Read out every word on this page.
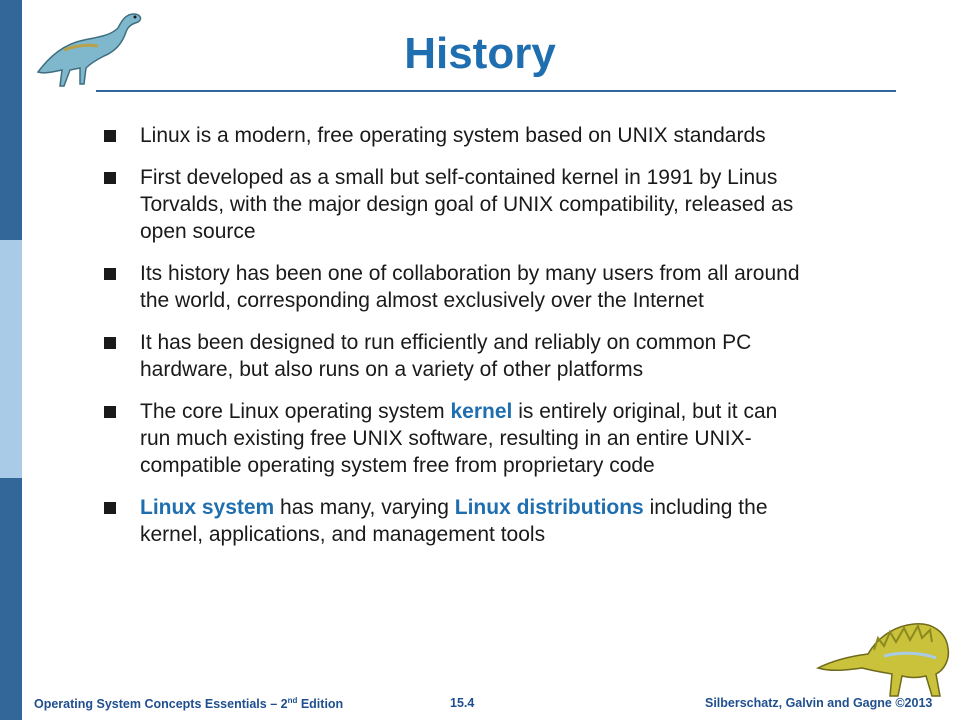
History
Linux is a modern, free operating system based on UNIX standards
First developed as a small but self-contained kernel in 1991 by Linus Torvalds, with the major design goal of UNIX compatibility, released as open source
Its history has been one of collaboration by many users from all around the world, corresponding almost exclusively over the Internet
It has been designed to run efficiently and reliably on common PC hardware, but also runs on a variety of other platforms
The core Linux operating system kernel is entirely original, but it can run much existing free UNIX software, resulting in an entire UNIX-compatible operating system free from proprietary code
Linux system has many, varying Linux distributions including the kernel, applications, and management tools
Operating System Concepts Essentials – 2nd Edition	15.4	Silberschatz, Galvin and Gagne ©2013
